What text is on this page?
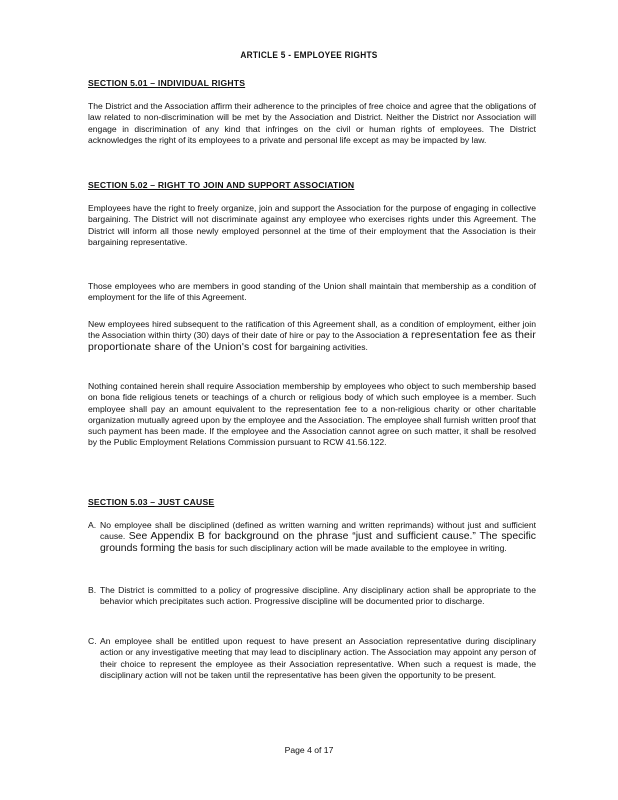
ARTICLE 5 - EMPLOYEE RIGHTS
SECTION 5.01 – INDIVIDUAL RIGHTS
The District and the Association affirm their adherence to the principles of free choice and agree that the obligations of law related to non-discrimination will be met by the Association and District. Neither the District nor Association will engage in discrimination of any kind that infringes on the civil or human rights of employees. The District acknowledges the right of its employees to a private and personal life except as may be impacted by law.
SECTION 5.02 – RIGHT TO JOIN AND SUPPORT ASSOCIATION
Employees have the right to freely organize, join and support the Association for the purpose of engaging in collective bargaining. The District will not discriminate against any employee who exercises rights under this Agreement. The District will inform all those newly employed personnel at the time of their employment that the Association is their bargaining representative.
Those employees who are members in good standing of the Union shall maintain that membership as a condition of employment for the life of this Agreement.
New employees hired subsequent to the ratification of this Agreement shall, as a condition of employment, either join the Association within thirty (30) days of their date of hire or pay to the Association a representation fee as their proportionate share of the Union's cost for bargaining activities.
Nothing contained herein shall require Association membership by employees who object to such membership based on bona fide religious tenets or teachings of a church or religious body of which such employee is a member. Such employee shall pay an amount equivalent to the representation fee to a non-religious charity or other charitable organization mutually agreed upon by the employee and the Association. The employee shall furnish written proof that such payment has been made. If the employee and the Association cannot agree on such matter, it shall be resolved by the Public Employment Relations Commission pursuant to RCW 41.56.122.
SECTION 5.03 – JUST CAUSE
A. No employee shall be disciplined (defined as written warning and written reprimands) without just and sufficient cause. See Appendix B for background on the phrase “just and sufficient cause.” The specific grounds forming the basis for such disciplinary action will be made available to the employee in writing.
B. The District is committed to a policy of progressive discipline. Any disciplinary action shall be appropriate to the behavior which precipitates such action. Progressive discipline will be documented prior to discharge.
C. An employee shall be entitled upon request to have present an Association representative during disciplinary action or any investigative meeting that may lead to disciplinary action. The Association may appoint any person of their choice to represent the employee as their Association representative. When such a request is made, the disciplinary action will not be taken until the representative has been given the opportunity to be present.
Page 4 of 17
